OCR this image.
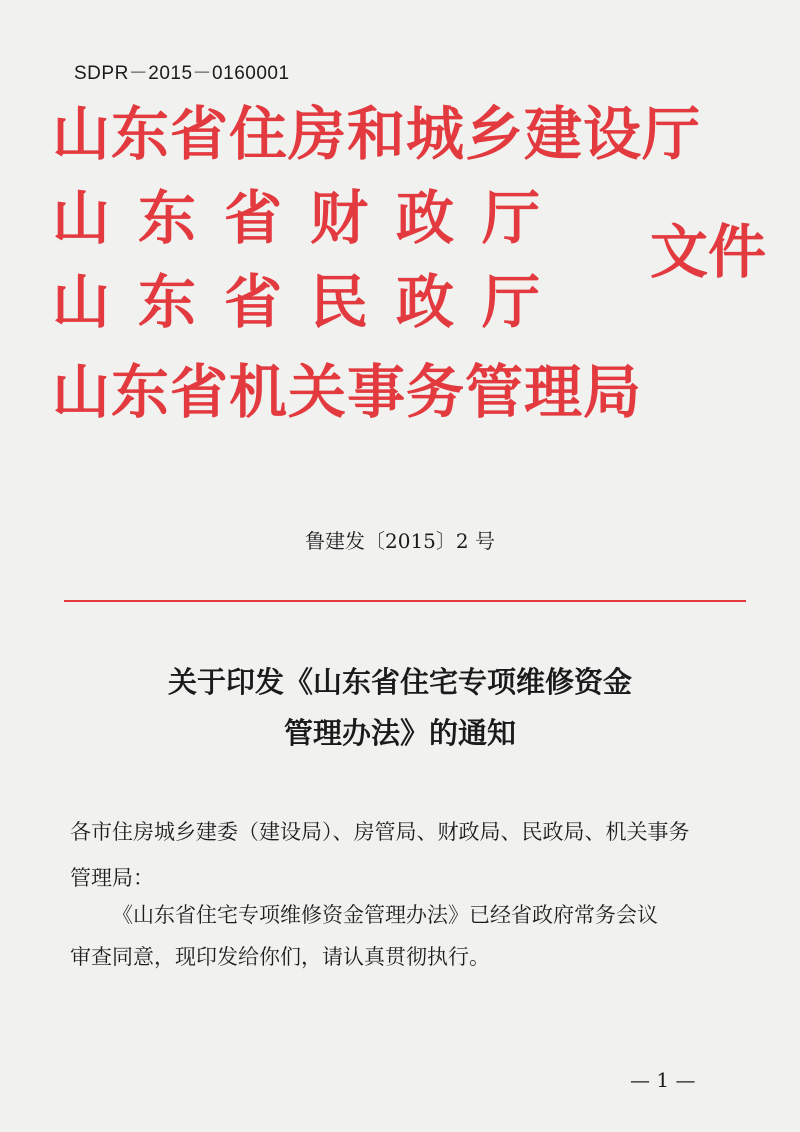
SDPR－2015－0160001
山东省住房和城乡建设厅
山东省财政厅
山东省民政厅
山东省机关事务管理局
文件
鲁建发〔2015〕2 号
关于印发《山东省住宅专项维修资金
管理办法》的通知
各市住房城乡建委（建设局）、房管局、财政局、民政局、机关事务
管理局：
《山东省住宅专项维修资金管理办法》已经省政府常务会议
审查同意，现印发给你们，请认真贯彻执行。
— 1 —
